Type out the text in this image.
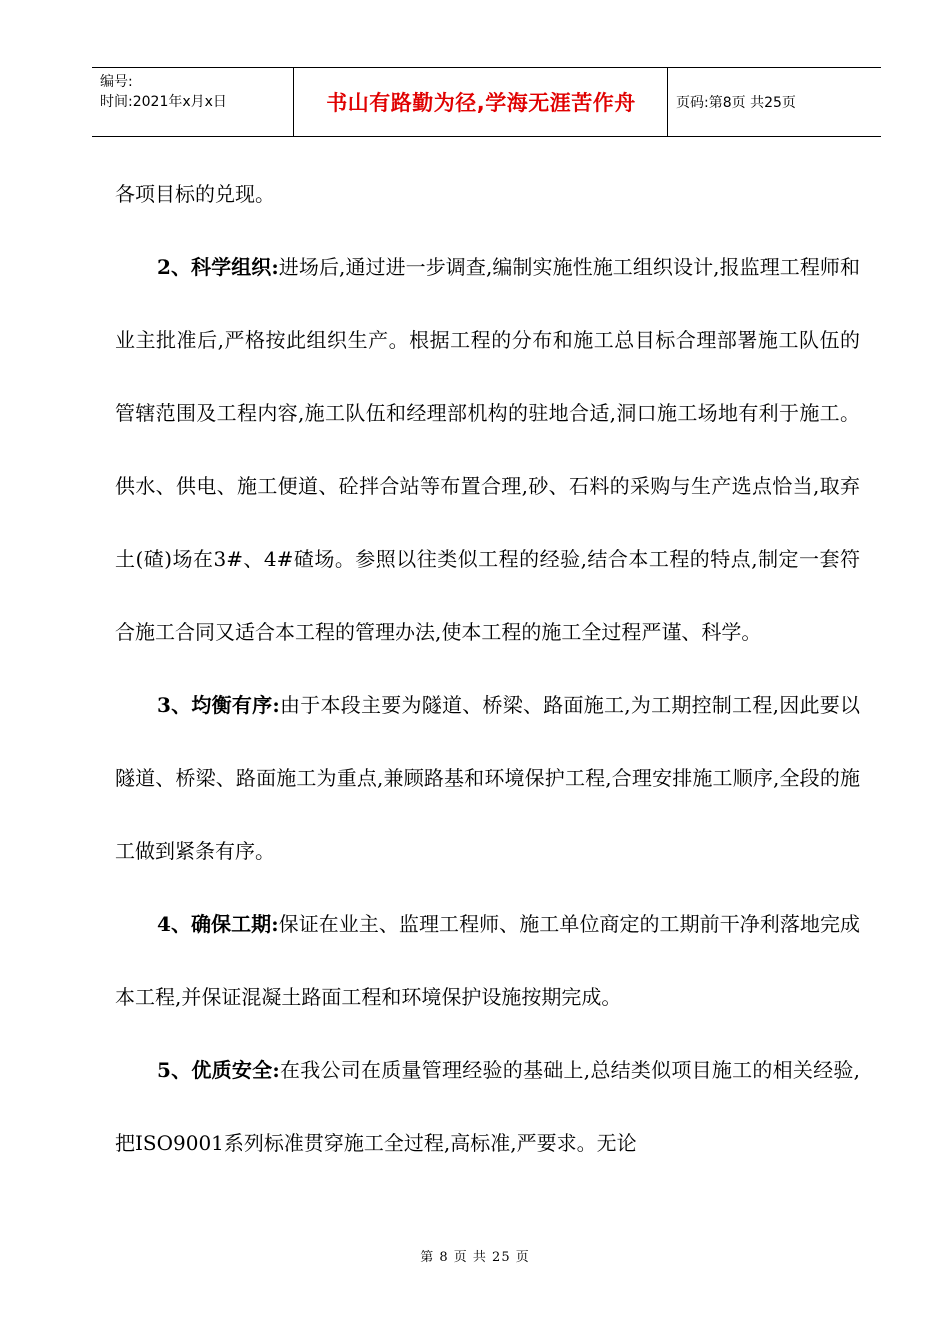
编号:
时间:2021年x月x日	书山有路勤为径,学海无涯苦作舟	页码:第8页 共25页

各项目标的兑现。

2、科学组织:进场后,通过进一步调查,编制实施性施工组织设计,报监理工程师和业主批准后,严格按此组织生产。根据工程的分布和施工总目标合理部署施工队伍的管辖范围及工程内容,施工队伍和经理部机构的驻地合适,洞口施工场地有利于施工。供水、供电、施工便道、砼拌合站等布置合理,砂、石料的采购与生产选点恰当,取弃土(碴)场在3#、4#碴场。参照以往类似工程的经验,结合本工程的特点,制定一套符合施工合同又适合本工程的管理办法,使本工程的施工全过程严谨、科学。

3、均衡有序:由于本段主要为隧道、桥梁、路面施工,为工期控制工程,因此要以隧道、桥梁、路面施工为重点,兼顾路基和环境保护工程,合理安排施工顺序,全段的施工做到紧条有序。

4、确保工期:保证在业主、监理工程师、施工单位商定的工期前干净利落地完成本工程,并保证混凝土路面工程和环境保护设施按期完成。

5、优质安全:在我公司在质量管理经验的基础上,总结类似项目施工的相关经验,把ISO9001系列标准贯穿施工全过程,高标准,严要求。无论

第 8 页 共 25 页
